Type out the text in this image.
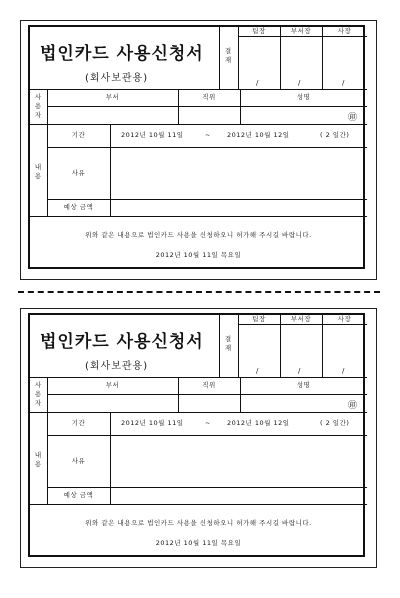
법인카드 사용신청서
(회사보관용)
결재
팀장	부서장	사장
/	/	/
사용자
부서	직위	성명
㊞
내용
기간	2012년 10월 11일	~ 2012년 10월 12일	( 2 일간)
사유
예상 금액
위와 같은 내용으로 법인카드 사용을 신청하오니 허가해 주시길 바랍니다.
2012년 10월 11일 목요일
법인카드 사용신청서
(회사보관용)
결재
팀장	부서장	사장
/	/	/
사용자
부서	직위	성명
㊞
내용
기간	2012년 10월 11일	~ 2012년 10월 12일	( 2 일간)
사유
예상 금액
위와 같은 내용으로 법인카드 사용을 신청하오니 허가해 주시길 바랍니다.
2012년 10월 11일 목요일
